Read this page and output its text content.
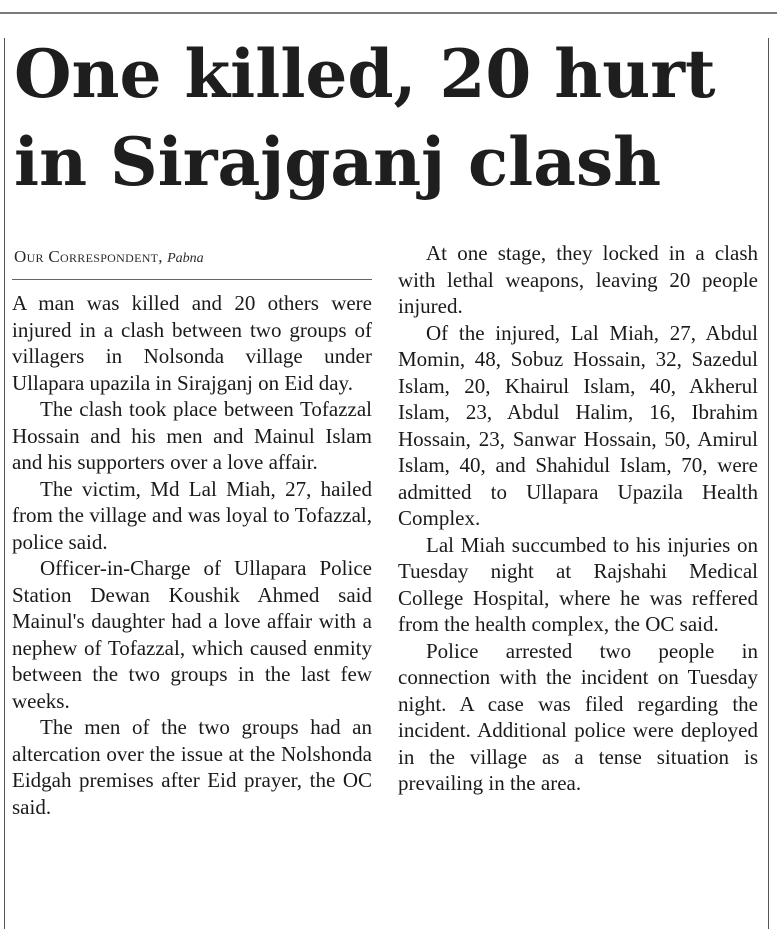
One killed, 20 hurt
in Sirajganj clash
Our Correspondent, Pabna

A man was killed and 20 others were injured in a clash between two groups of villagers in Nolsonda village under Ullapara upazila in Sirajganj on Eid day.

The clash took place between Tofazzal Hossain and his men and Mainul Islam and his supporters over a love affair.

The victim, Md Lal Miah, 27, hailed from the village and was loyal to Tofazzal, police said.

Officer-in-Charge of Ullapara Police Station Dewan Koushik Ahmed said Mainul's daughter had a love affair with a nephew of Tofazzal, which caused enmity between the two groups in the last few weeks.

The men of the two groups had an altercation over the issue at the Nolshonda Eidgah premises after Eid prayer, the OC said.

At one stage, they locked in a clash with lethal weapons, leaving 20 people injured.

Of the injured, Lal Miah, 27, Abdul Momin, 48, Sobuz Hossain, 32, Sazedul Islam, 20, Khairul Islam, 40, Akherul Islam, 23, Abdul Halim, 16, Ibrahim Hossain, 23, Sanwar Hossain, 50, Amirul Islam, 40, and Shahidul Islam, 70, were admitted to Ullapara Upazila Health Complex.

Lal Miah succumbed to his injuries on Tuesday night at Rajshahi Medical College Hospital, where he was reffered from the health complex, the OC said.

Police arrested two people in connection with the incident on Tuesday night. A case was filed regarding the incident. Additional police were deployed in the village as a tense situation is prevailing in the area.
